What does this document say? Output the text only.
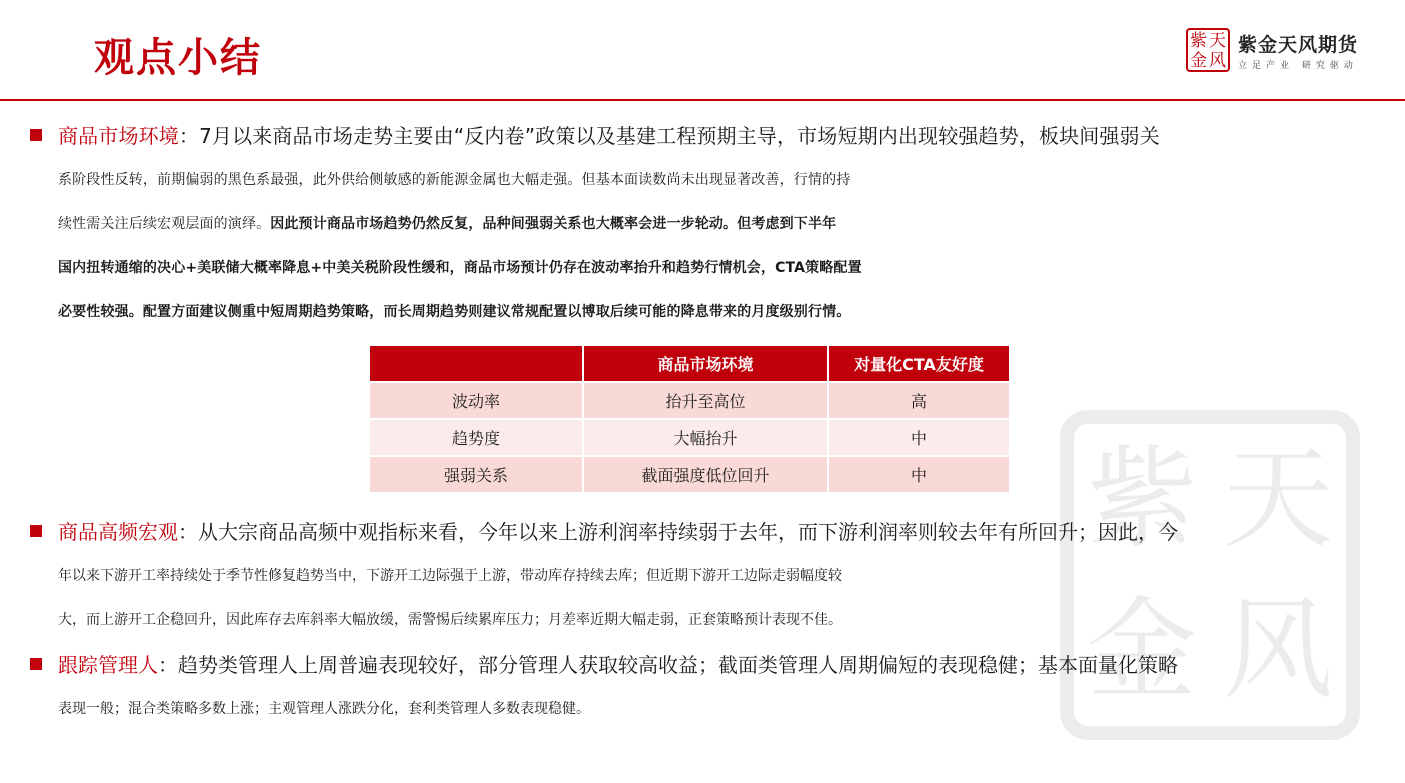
观点小结	紫 天
金 风
紫金天风期货
立足产业 研究驱动
紫 天
金 风
商品市场环境：7月以来商品市场走势主要由“反内卷”政策以及基建工程预期主导，市场短期内出现较强趋势，板块间强弱关
系阶段性反转，前期偏弱的黑色系最强，此外供给侧敏感的新能源金属也大幅走强。但基本面读数尚未出现显著改善，行情的持
续性需关注后续宏观层面的演绎。因此预计商品市场趋势仍然反复，品种间强弱关系也大概率会进一步轮动。但考虑到下半年
国内扭转通缩的决心+美联储大概率降息+中美关税阶段性缓和，商品市场预计仍存在波动率抬升和趋势行情机会，CTA策略配置
必要性较强。配置方面建议侧重中短周期趋势策略，而长周期趋势则建议常规配置以博取后续可能的降息带来的月度级别行情。
	商品市场环境	对量化CTA友好度
波动率	抬升至高位	高
趋势度	大幅抬升	中
强弱关系	截面强度低位回升	中
商品高频宏观：从大宗商品高频中观指标来看，今年以来上游利润率持续弱于去年，而下游利润率则较去年有所回升；因此，今
年以来下游开工率持续处于季节性修复趋势当中，下游开工边际强于上游，带动库存持续去库；但近期下游开工边际走弱幅度较
大，而上游开工企稳回升，因此库存去库斜率大幅放缓，需警惕后续累库压力；月差率近期大幅走弱，正套策略预计表现不佳。
跟踪管理人：趋势类管理人上周普遍表现较好，部分管理人获取较高收益；截面类管理人周期偏短的表现稳健；基本面量化策略
表现一般；混合类策略多数上涨；主观管理人涨跌分化，套利类管理人多数表现稳健。
